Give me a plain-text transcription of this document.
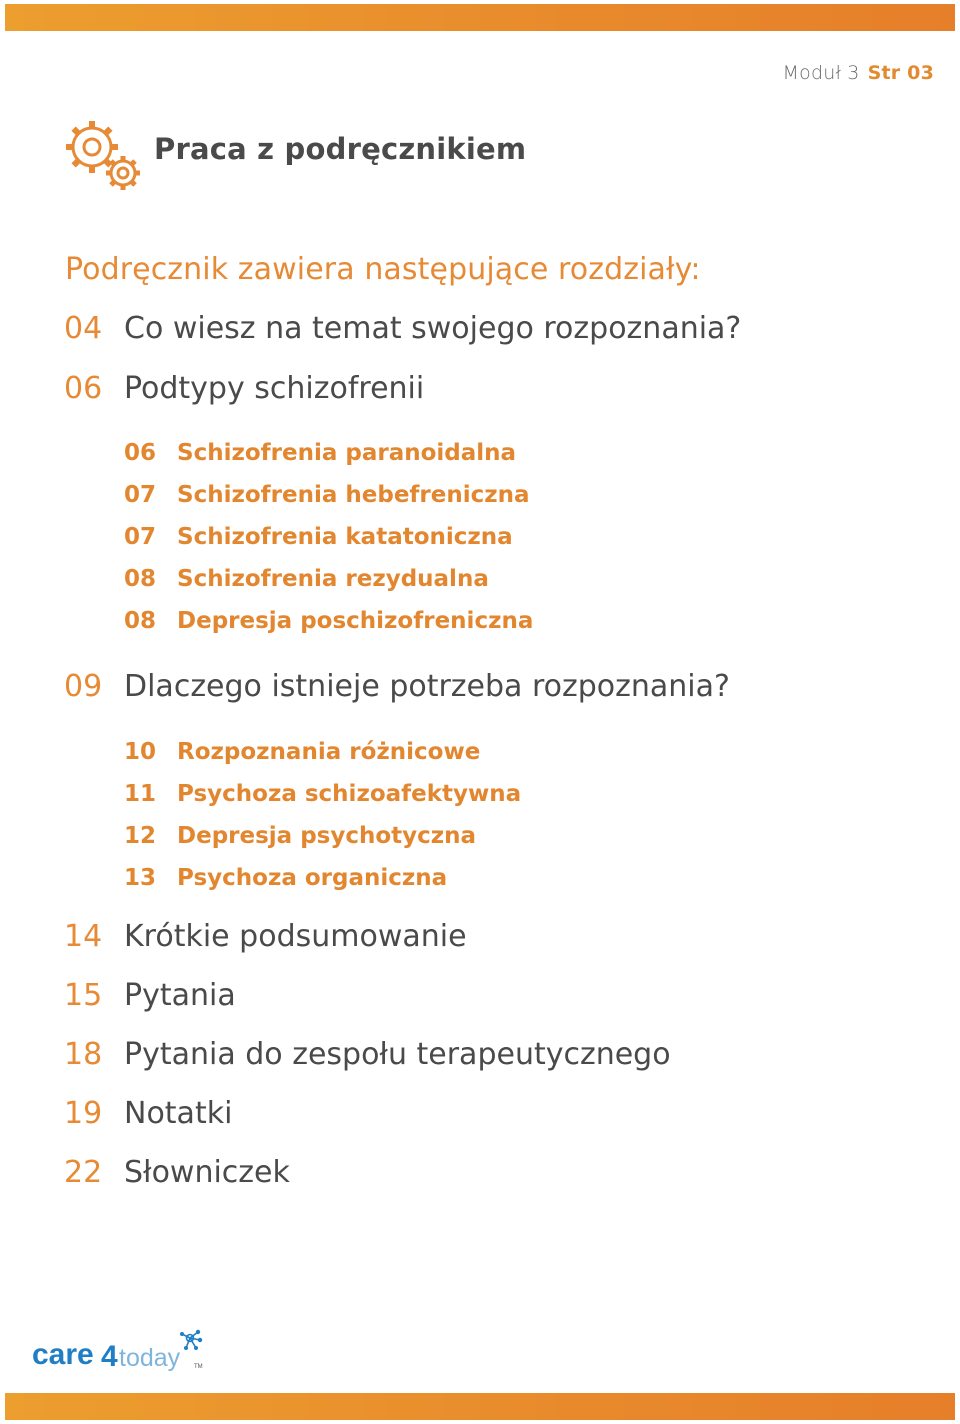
Moduł 3 Str 03
Praca z podręcznikiem
Podręcznik zawiera następujące rozdziały:
04 Co wiesz na temat swojego rozpoznania?
06 Podtypy schizofrenii
06 Schizofrenia paranoidalna
07 Schizofrenia hebefreniczna
07 Schizofrenia katatoniczna
08 Schizofrenia rezydualna
08 Depresja poschizofreniczna
09 Dlaczego istnieje potrzeba rozpoznania?
10 Rozpoznania różnicowe
11 Psychoza schizoafektywna
12 Depresja psychotyczna
13 Psychoza organiczna
14 Krótkie podsumowanie
15 Pytania
18 Pytania do zespołu terapeutycznego
19 Notatki
22 Słowniczek
care 4 today TM
